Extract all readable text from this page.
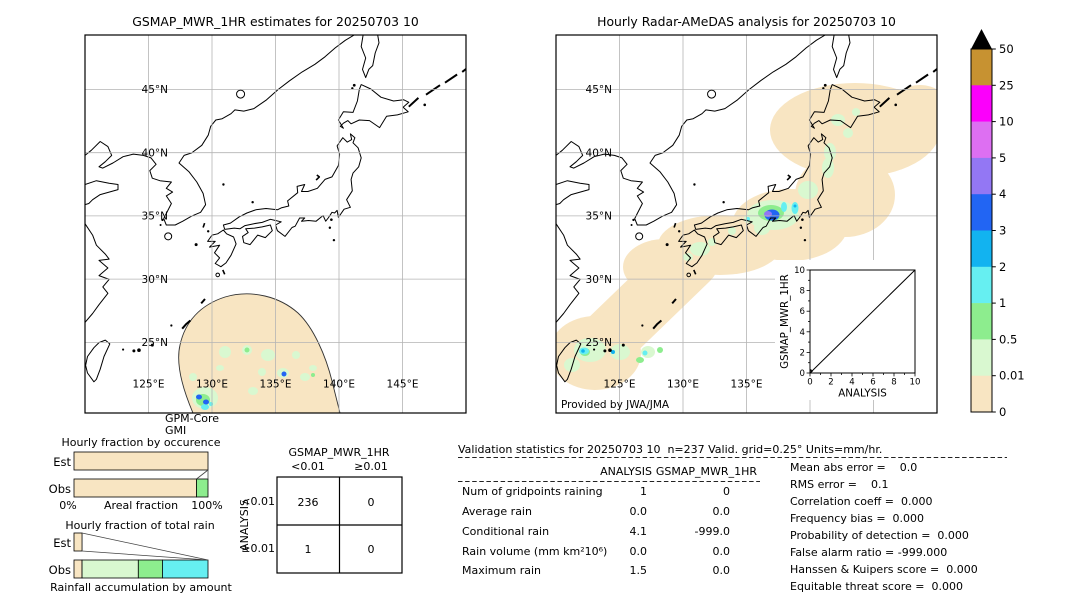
GSMAP_MWR_1HR estimates for 20250703 10	Hourly Radar-AMeDAS analysis for 20250703 10
45°N
40°N
35°N
30°N
25°N
125°E	130°E	135°E	140°E	145°E
GPM-Core
GMI
0
0
2
2
4
4
6
6
8
8
10
10
ANALYSIS
GSMAP_MWR_1HR
45°N
40°N
35°N
30°N
25°N
125°E	130°E	135°E
Provided by JWA/JMA
50
25
10
5
4
3
2
1
0.5
0.01
0
Hourly fraction by occurence
Est
Obs
0% Areal fraction 100%
Hourly fraction of total rain
Est
Obs
Rainfall accumulation by amount
GSMAP_MWR_1HR
<0.01	≥0.01
<0.01
≥0.01
ANALYSIS	236	0
1	0
Validation statistics for 20250703 10  n=237 Valid. grid=0.25° Units=mm/hr.
ANALYSIS GSMAP_MWR_1HR
Num of gridpoints raining	1	0
Average rain	0.0	0.0
Conditional rain	4.1	-999.0
Rain volume (mm km²10⁶) 0.0	0.0
Maximum rain	1.5	0.0
Mean abs error =    0.0
RMS error =    0.1
Correlation coeff =  0.000
Frequency bias =  0.000
Probability of detection =  0.000
False alarm ratio = -999.000
Hanssen & Kuipers score =  0.000
Equitable threat score =  0.000
